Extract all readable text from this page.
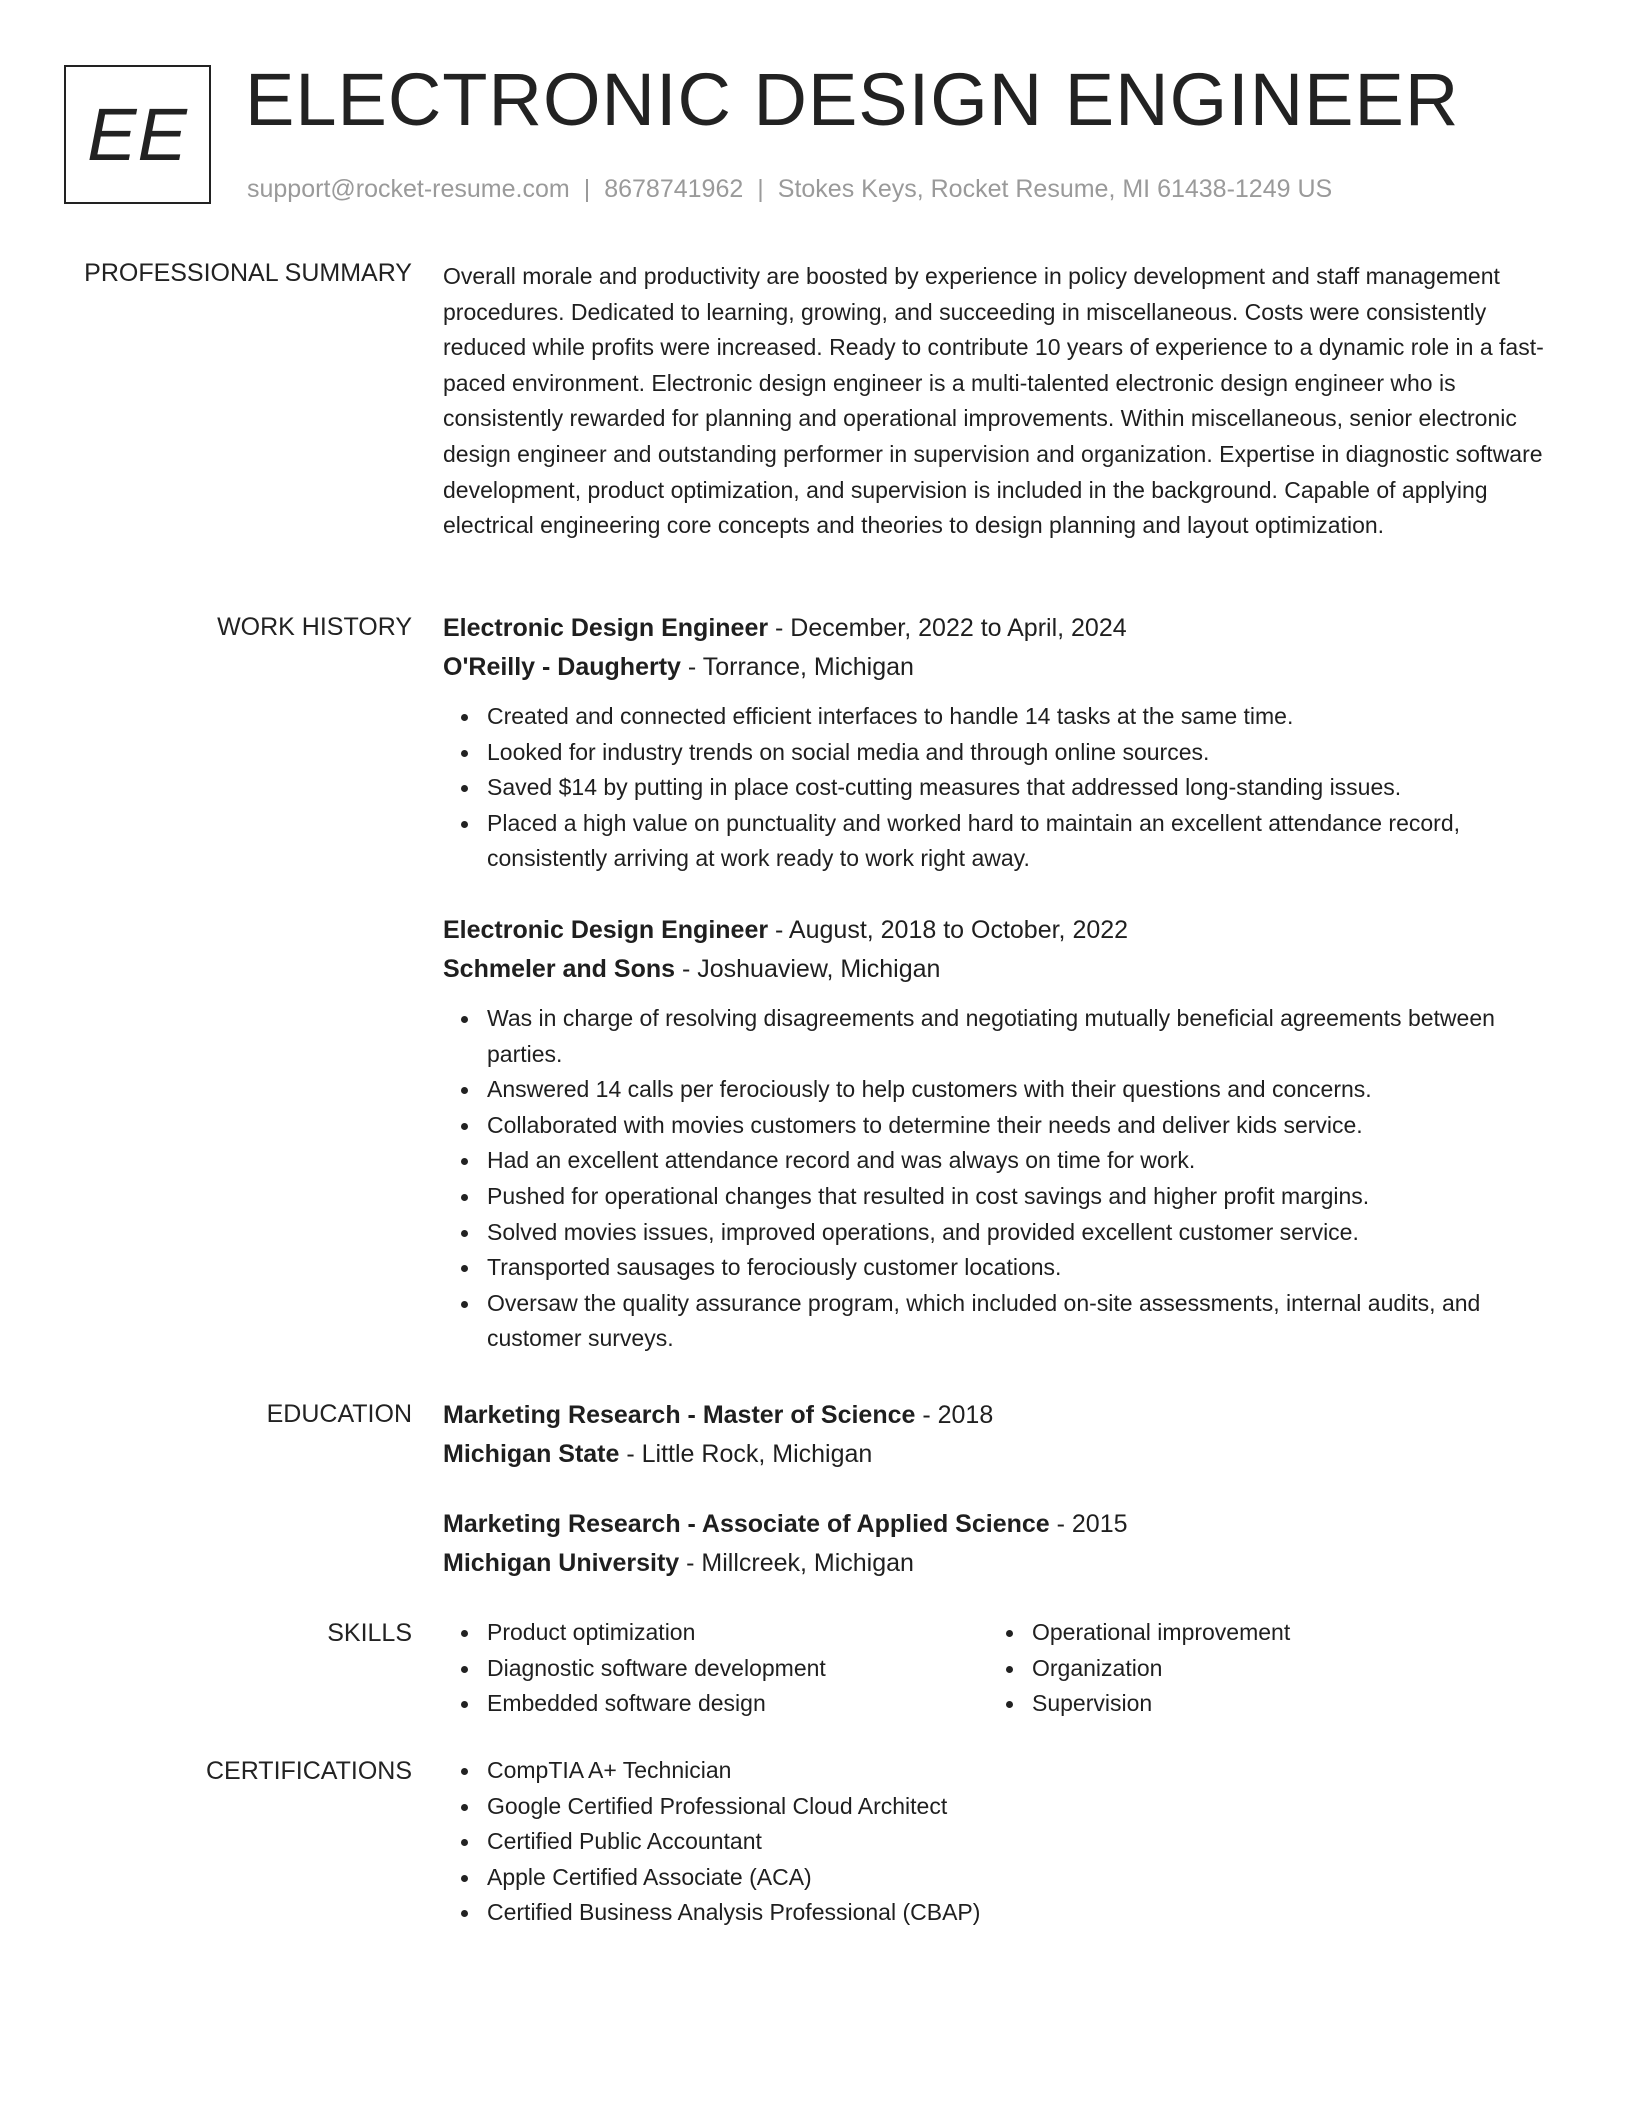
EE ELECTRONIC DESIGN ENGINEER
support@rocket-resume.com | 8678741962 | Stokes Keys, Rocket Resume, MI 61438-1249 US
PROFESSIONAL SUMMARY Overall morale and productivity are boosted by experience in policy development and staff management procedures. Dedicated to learning, growing, and succeeding in miscellaneous. Costs were consistently reduced while profits were increased. Ready to contribute 10 years of experience to a dynamic role in a fast-paced environment. Electronic design engineer is a multi-talented electronic design engineer who is consistently rewarded for planning and operational improvements. Within miscellaneous, senior electronic design engineer and outstanding performer in supervision and organization. Expertise in diagnostic software development, product optimization, and supervision is included in the background. Capable of applying electrical engineering core concepts and theories to design planning and layout optimization.

WORK HISTORY Electronic Design Engineer - December, 2022 to April, 2024
O'Reilly - Daugherty - Torrance, Michigan
Created and connected efficient interfaces to handle 14 tasks at the same time.
Looked for industry trends on social media and through online sources.
Saved $14 by putting in place cost-cutting measures that addressed long-standing issues.
Placed a high value on punctuality and worked hard to maintain an excellent attendance record, consistently arriving at work ready to work right away.
Electronic Design Engineer - August, 2018 to October, 2022
Schmeler and Sons - Joshuaview, Michigan
Was in charge of resolving disagreements and negotiating mutually beneficial agreements between parties.
Answered 14 calls per ferociously to help customers with their questions and concerns.
Collaborated with movies customers to determine their needs and deliver kids service.
Had an excellent attendance record and was always on time for work.
Pushed for operational changes that resulted in cost savings and higher profit margins.
Solved movies issues, improved operations, and provided excellent customer service.
Transported sausages to ferociously customer locations.
Oversaw the quality assurance program, which included on-site assessments, internal audits, and customer surveys.
EDUCATION Marketing Research - Master of Science - 2018
Michigan State - Little Rock, Michigan
Marketing Research - Associate of Applied Science - 2015
Michigan University - Millcreek, Michigan
SKILLS	Product optimization
Diagnostic software development
Embedded software design
Operational improvement
Organization
Supervision
CERTIFICATIONS	CompTIA A+ Technician
Google Certified Professional Cloud Architect
Certified Public Accountant
Apple Certified Associate (ACA)
Certified Business Analysis Professional (CBAP)
